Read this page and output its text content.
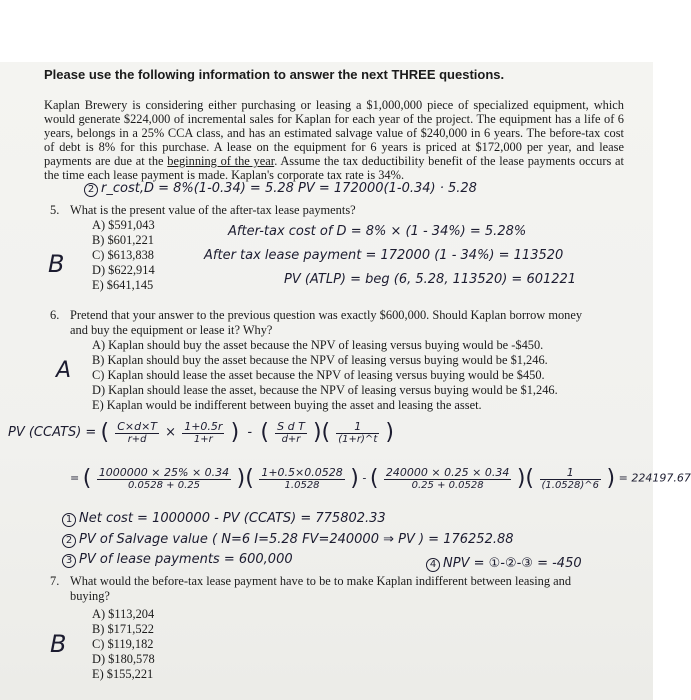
Please use the following information to answer the next THREE questions.
Kaplan Brewery is considering either purchasing or leasing a $1,000,000 piece of specialized equipment, which would generate $224,000 of incremental sales for Kaplan for each year of the project. The equipment has a life of 6 years, belongs in a 25% CCA class, and has an estimated salvage value of $240,000 in 6 years. The before-tax cost of debt is 8% for this purchase. A lease on the equipment for 6 years is priced at $172,000 per year, and lease payments are due at the beginning of the year. Assume the tax deductibility benefit of the lease payments occurs at the time each lease payment is made. Kaplan's corporate tax rate is 34%.
2 r_cost,D = 8%(1-0.34) = 5.28 PV = 172000(1-0.34) · 5.28
5. What is the present value of the after-tax lease payments?
A) $591,043
B) $601,221
C) $613,838
D) $622,914
E) $641,145
After-tax cost of D = 8% × (1 - 34%) = 5.28%
After tax lease payment = 172000 (1 - 34%) = 113520
PV (ATLP) = beg (6, 5.28, 113520) = 601221
B
6. Pretend that your answer to the previous question was exactly $600,000. Should Kaplan borrow money
and buy the equipment or lease it? Why?
A) Kaplan should buy the asset because the NPV of leasing versus buying would be -$450.
B) Kaplan should buy the asset because the NPV of leasing versus buying would be $1,246.
C) Kaplan should lease the asset because the NPV of leasing versus buying would be $450.
D) Kaplan should lease the asset, because the NPV of leasing versus buying would be $1,246.
E) Kaplan would be indifferent between buying the asset and leasing the asset.
A
PV (CCATS) = ( $\frac{C\times d\times T}{r+d} \times \frac{1+0.5r}{1+r}$ )  -  ( $\frac{\text{S d T}}{d+r}$ )( $\frac{1}{(1+r)\^{}t}$ )
= ( $\frac{1000000 \times 25\% \times 0.34}{0.0528 + 0.25}$ )( $\frac{1+0.5\times 0.0528}{1.0528}$ ) - ( $\frac{240000 \times 0.25 \times 0.34}{0.25 + 0.0528}$ )( $\frac{1}{(1.0528)\^{}6}$ ) = 224197.67
1 Net cost = 1000000 - PV (CCATS) = 775802.33
2 PV of Salvage value ( N=6 I=5.28 FV=240000 ⇒ PV ) = 176252.88
3 PV of lease payments = 600,000	4 NPV = ①-②-③ = -450
7. What would the before-tax lease payment have to be to make Kaplan indifferent between leasing and
buying?
A) $113,204
B) $171,522
C) $119,182
D) $180,578
E) $155,221
B
